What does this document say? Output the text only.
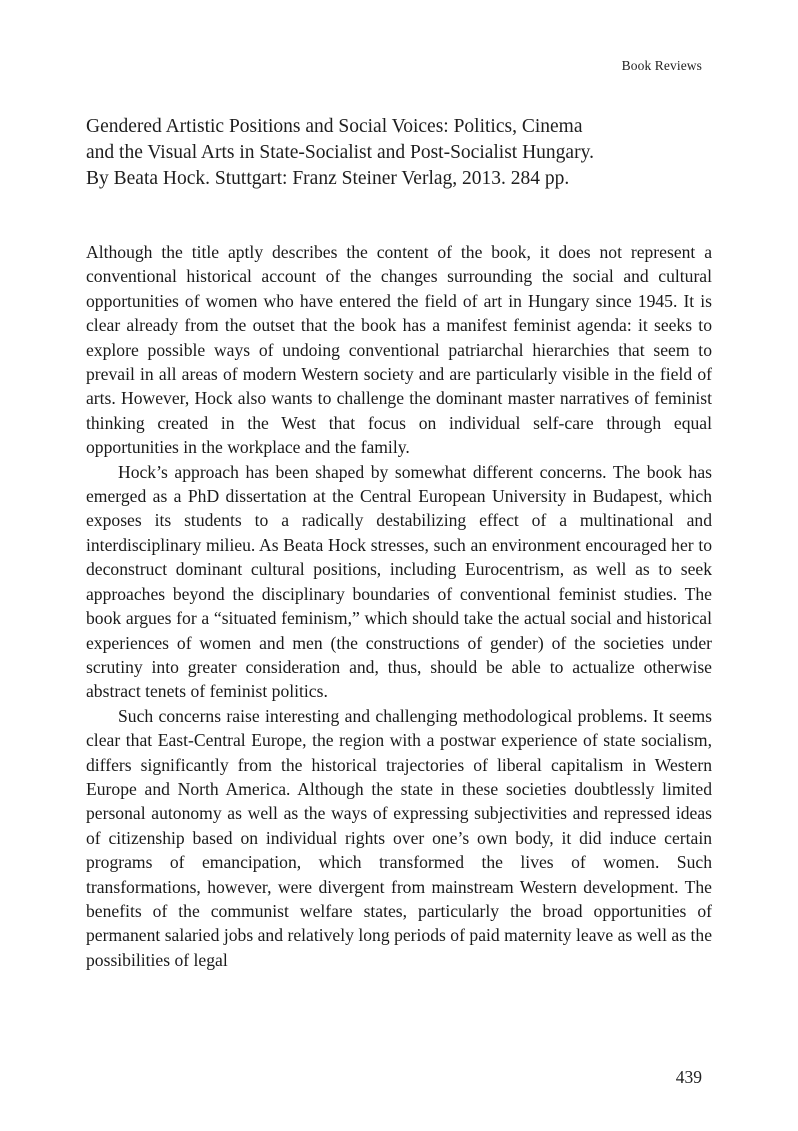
Book Reviews
Gendered Artistic Positions and Social Voices: Politics, Cinema
and the Visual Arts in State-Socialist and Post-Socialist Hungary.
By Beata Hock. Stuttgart: Franz Steiner Verlag, 2013. 284 pp.

Although the title aptly describes the content of the book, it does not represent a conventional historical account of the changes surrounding the social and cultural opportunities of women who have entered the field of art in Hungary since 1945. It is clear already from the outset that the book has a manifest feminist agenda: it seeks to explore possible ways of undoing conventional patriarchal hierarchies that seem to prevail in all areas of modern Western society and are particularly visible in the field of arts. However, Hock also wants to challenge the dominant master narratives of feminist thinking created in the West that focus on individual self-care through equal opportunities in the workplace and the family.

Hock’s approach has been shaped by somewhat different concerns. The book has emerged as a PhD dissertation at the Central European University in Budapest, which exposes its students to a radically destabilizing effect of a multinational and interdisciplinary milieu. As Beata Hock stresses, such an environment encouraged her to deconstruct dominant cultural positions, including Eurocentrism, as well as to seek approaches beyond the disciplinary boundaries of conventional feminist studies. The book argues for a “situated feminism,” which should take the actual social and historical experiences of women and men (the constructions of gender) of the societies under scrutiny into greater consideration and, thus, should be able to actualize otherwise abstract tenets of feminist politics.

Such concerns raise interesting and challenging methodological problems. It seems clear that East-Central Europe, the region with a postwar experience of state socialism, differs significantly from the historical trajectories of liberal capitalism in Western Europe and North America. Although the state in these societies doubtlessly limited personal autonomy as well as the ways of expressing subjectivities and repressed ideas of citizenship based on individual rights over one’s own body, it did induce certain programs of emancipation, which transformed the lives of women. Such transformations, however, were divergent from mainstream Western development. The benefits of the communist welfare states, particularly the broad opportunities of permanent salaried jobs and relatively long periods of paid maternity leave as well as the possibilities of legal

439
